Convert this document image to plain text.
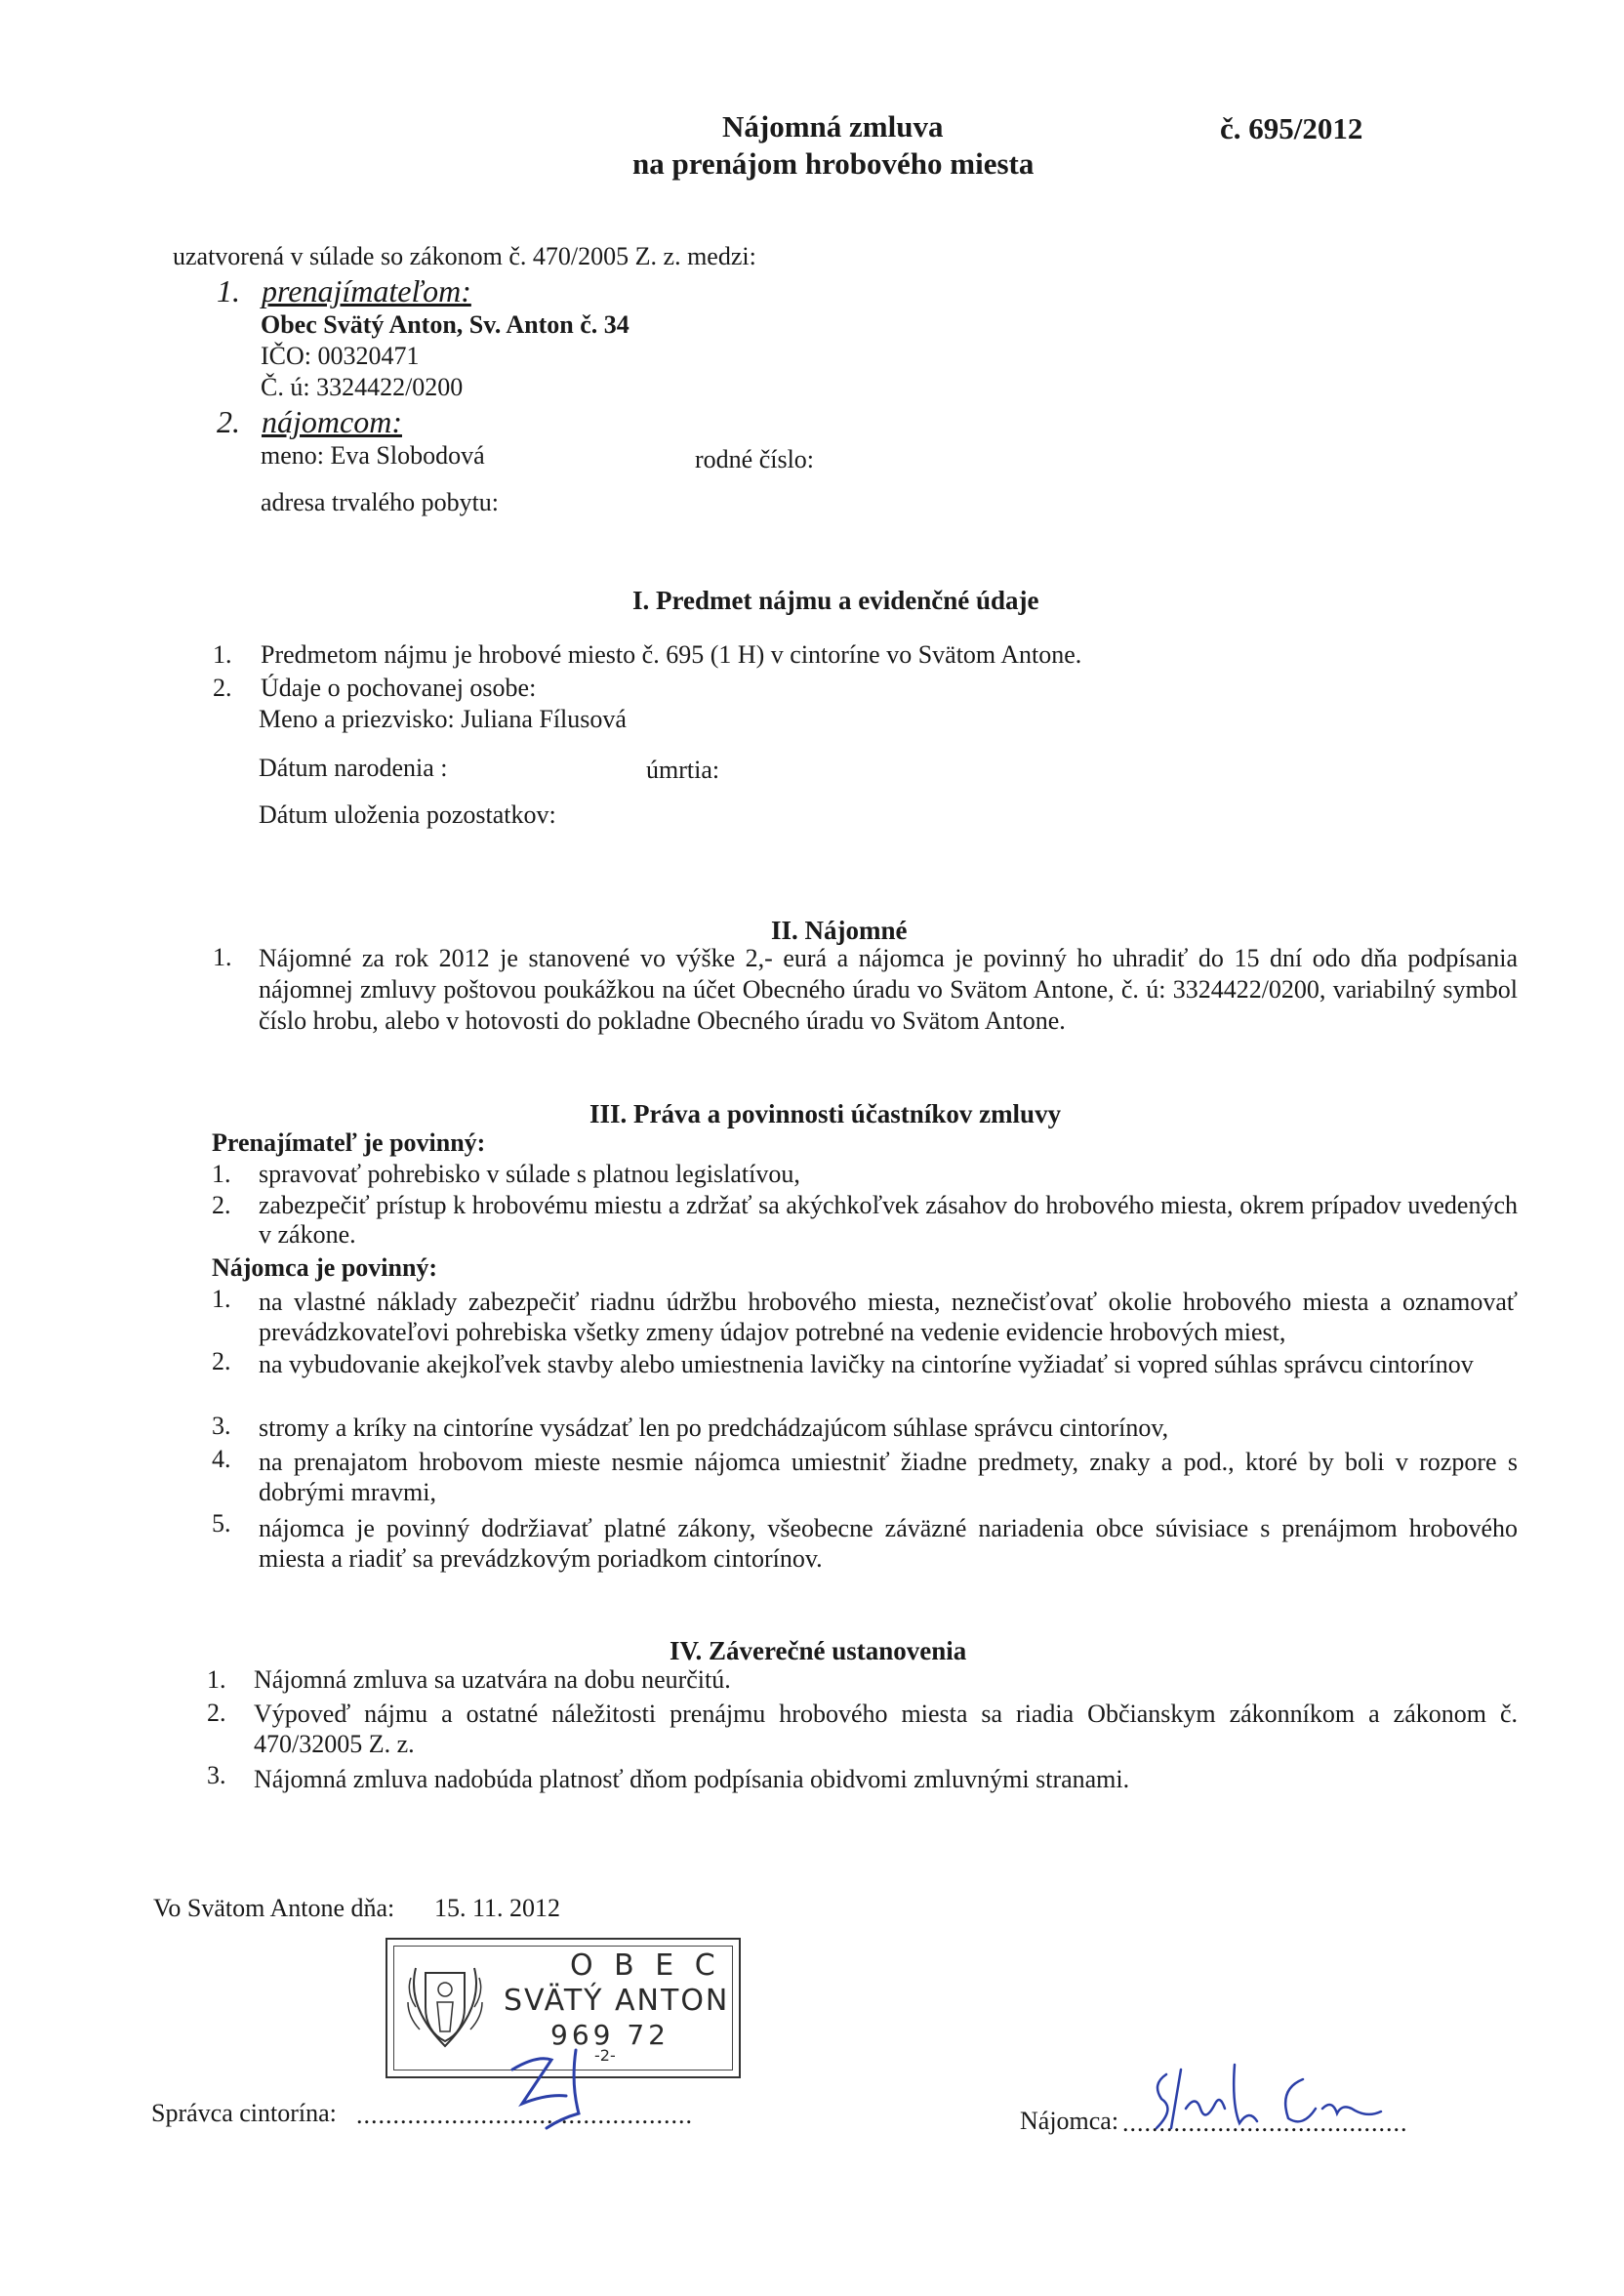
Nájomná zmluva
na prenájom hrobového miesta
č. 695/2012
uzatvorená v súlade so zákonom č. 470/2005 Z. z. medzi:
1. prenajímateľom:
Obec Svätý Anton, Sv. Anton č. 34
IČO: 00320471
Č. ú: 3324422/0200
2. nájomcom:
meno: Eva Slobodová	rodné číslo:
adresa trvalého pobytu:
I. Predmet nájmu a evidenčné údaje
1. Predmetom nájmu je hrobové miesto č. 695 (1 H) v cintoríne vo Svätom Antone.
2. Údaje o pochovanej osobe:
Meno a priezvisko: Juliana Fílusová
Dátum narodenia :	úmrtia:
Dátum uloženia pozostatkov:
II. Nájomné
1. Nájomné za rok 2012 je stanovené vo výške 2,- eurá a nájomca je povinný ho uhradiť do 15 dní odo dňa podpísania nájomnej zmluvy poštovou poukážkou na účet Obecného úradu vo Svätom Antone, č. ú: 3324422/0200, variabilný symbol číslo hrobu, alebo v hotovosti do pokladne Obecného úradu vo Svätom Antone.
III. Práva a povinnosti účastníkov zmluvy
Prenajímateľ je povinný:
1. spravovať pohrebisko v súlade s platnou legislatívou,
2. zabezpečiť prístup k hrobovému miestu a zdržať sa akýchkoľvek zásahov do hrobového miesta, okrem prípadov uvedených v zákone.
Nájomca je povinný:
1. na vlastné náklady zabezpečiť riadnu údržbu hrobového miesta, neznečisťovať okolie hrobového miesta a oznamovať prevádzkovateľovi pohrebiska všetky zmeny údajov potrebné na vedenie evidencie hrobových miest,
2. na vybudovanie akejkoľvek stavby alebo umiestnenia lavičky na cintoríne vyžiadať si vopred súhlas správcu cintorínov
3. stromy a kríky na cintoríne vysádzať len po predchádzajúcom súhlase správcu cintorínov,
4. na prenajatom hrobovom mieste nesmie nájomca umiestniť žiadne predmety, znaky a pod., ktoré by boli v rozpore s dobrými mravmi,
5. nájomca je povinný dodržiavať platné zákony, všeobecne záväzné nariadenia obce súvisiace s prenájmom hrobového miesta a riadiť sa prevádzkovým poriadkom cintorínov.
IV. Záverečné ustanovenia
1. Nájomná zmluva sa uzatvára na dobu neurčitú.
2. Výpoveď nájmu a ostatné náležitosti prenájmu hrobového miesta sa riadia Občianskym zákonníkom a zákonom č. 470/32005 Z. z.
3. Nájomná zmluva nadobúda platnosť dňom podpísania obidvomi zmluvnými stranami.
Vo Svätom Antone dňa: 15. 11. 2012
O B E C
SVÄTÝ ANTON
969 72
-2-
Správca cintorína: ..............................................	Nájomca: .......................................
